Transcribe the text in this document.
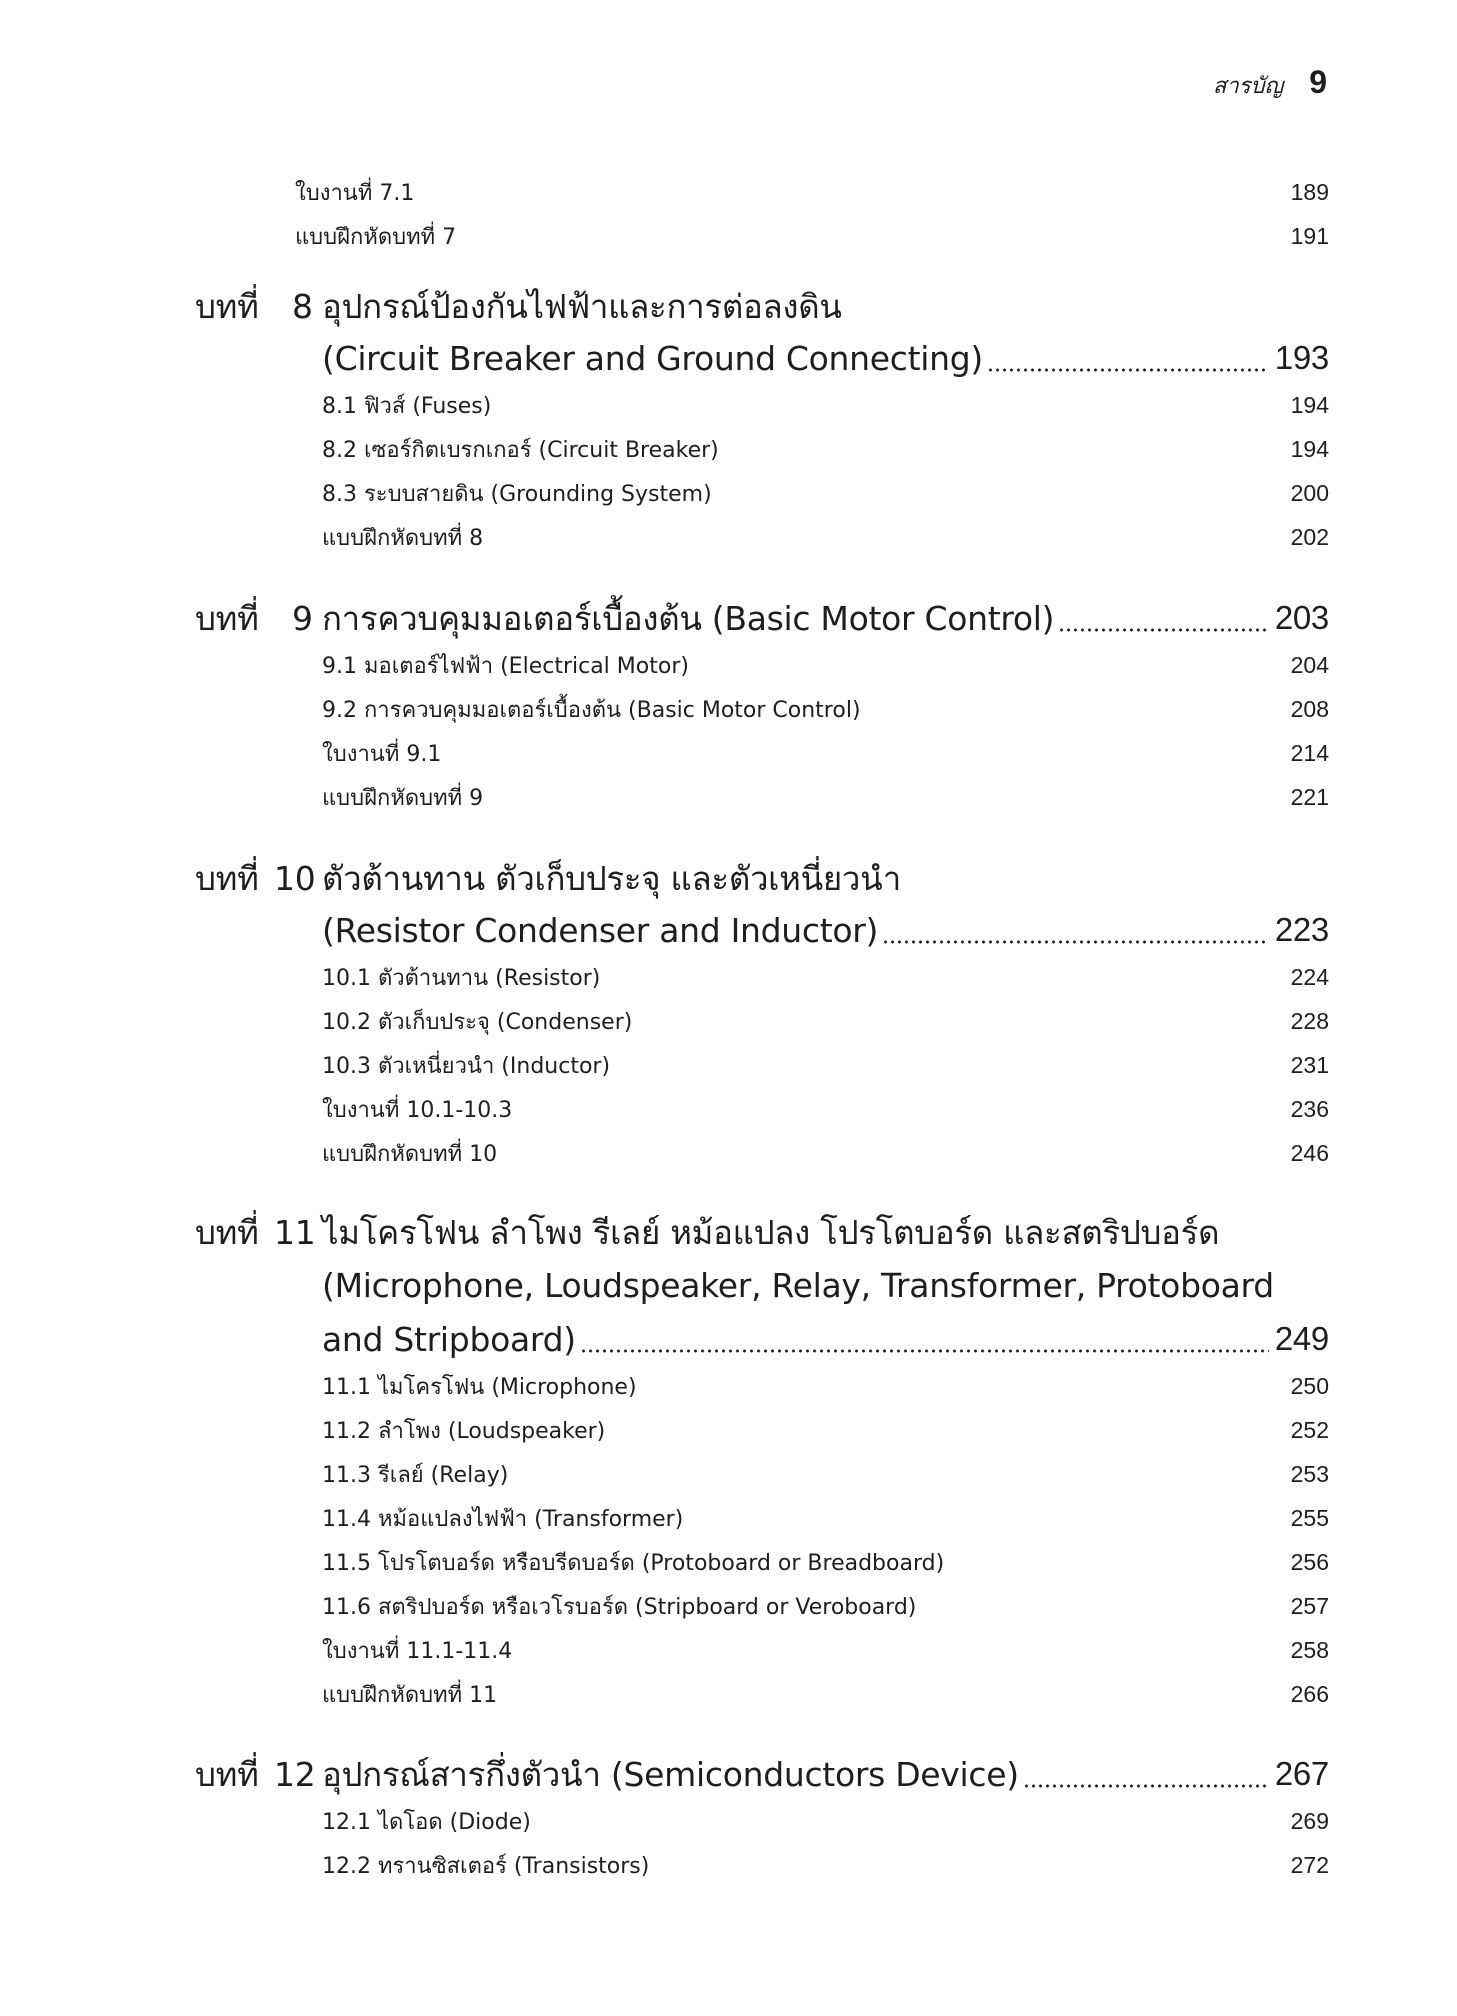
สารบัญ 9
ใบงานที่ 7.1	189
แบบฝึกหัดบทที่ 7	191
บทที่ 8 อุปกรณ์ป้องกันไฟฟ้าและการต่อลงดิน
(Circuit Breaker and Ground Connecting)	193
8.1 ฟิวส์ (Fuses)	194
8.2 เซอร์กิตเบรกเกอร์ (Circuit Breaker)	194
8.3 ระบบสายดิน (Grounding System)	200
แบบฝึกหัดบทที่ 8	202
บทที่ 9 การควบคุมมอเตอร์เบื้องต้น (Basic Motor Control)	203
9.1 มอเตอร์ไฟฟ้า (Electrical Motor)	204
9.2 การควบคุมมอเตอร์เบื้องต้น (Basic Motor Control)	208
ใบงานที่ 9.1	214
แบบฝึกหัดบทที่ 9	221
บทที่ 10 ตัวต้านทาน ตัวเก็บประจุ และตัวเหนี่ยวนำ
(Resistor Condenser and Inductor)	223
10.1 ตัวต้านทาน (Resistor)	224
10.2 ตัวเก็บประจุ (Condenser)	228
10.3 ตัวเหนี่ยวนำ (Inductor)	231
ใบงานที่ 10.1-10.3	236
แบบฝึกหัดบทที่ 10	246
บทที่ 11 ไมโครโฟน ลำโพง รีเลย์ หม้อแปลง โปรโตบอร์ด และสตริปบอร์ด
(Microphone, Loudspeaker, Relay, Transformer, Protoboard
and Stripboard)	249
11.1 ไมโครโฟน (Microphone)	250
11.2 ลำโพง (Loudspeaker)	252
11.3 รีเลย์ (Relay)	253
11.4 หม้อแปลงไฟฟ้า (Transformer)	255
11.5 โปรโตบอร์ด หรือบรีดบอร์ด (Protoboard or Breadboard)	256
11.6 สตริปบอร์ด หรือเวโรบอร์ด (Stripboard or Veroboard)	257
ใบงานที่ 11.1-11.4	258
แบบฝึกหัดบทที่ 11	266
บทที่ 12 อุปกรณ์สารกึ่งตัวนำ (Semiconductors Device)	267
12.1 ไดโอด (Diode)	269
12.2 ทรานซิสเตอร์ (Transistors)	272
